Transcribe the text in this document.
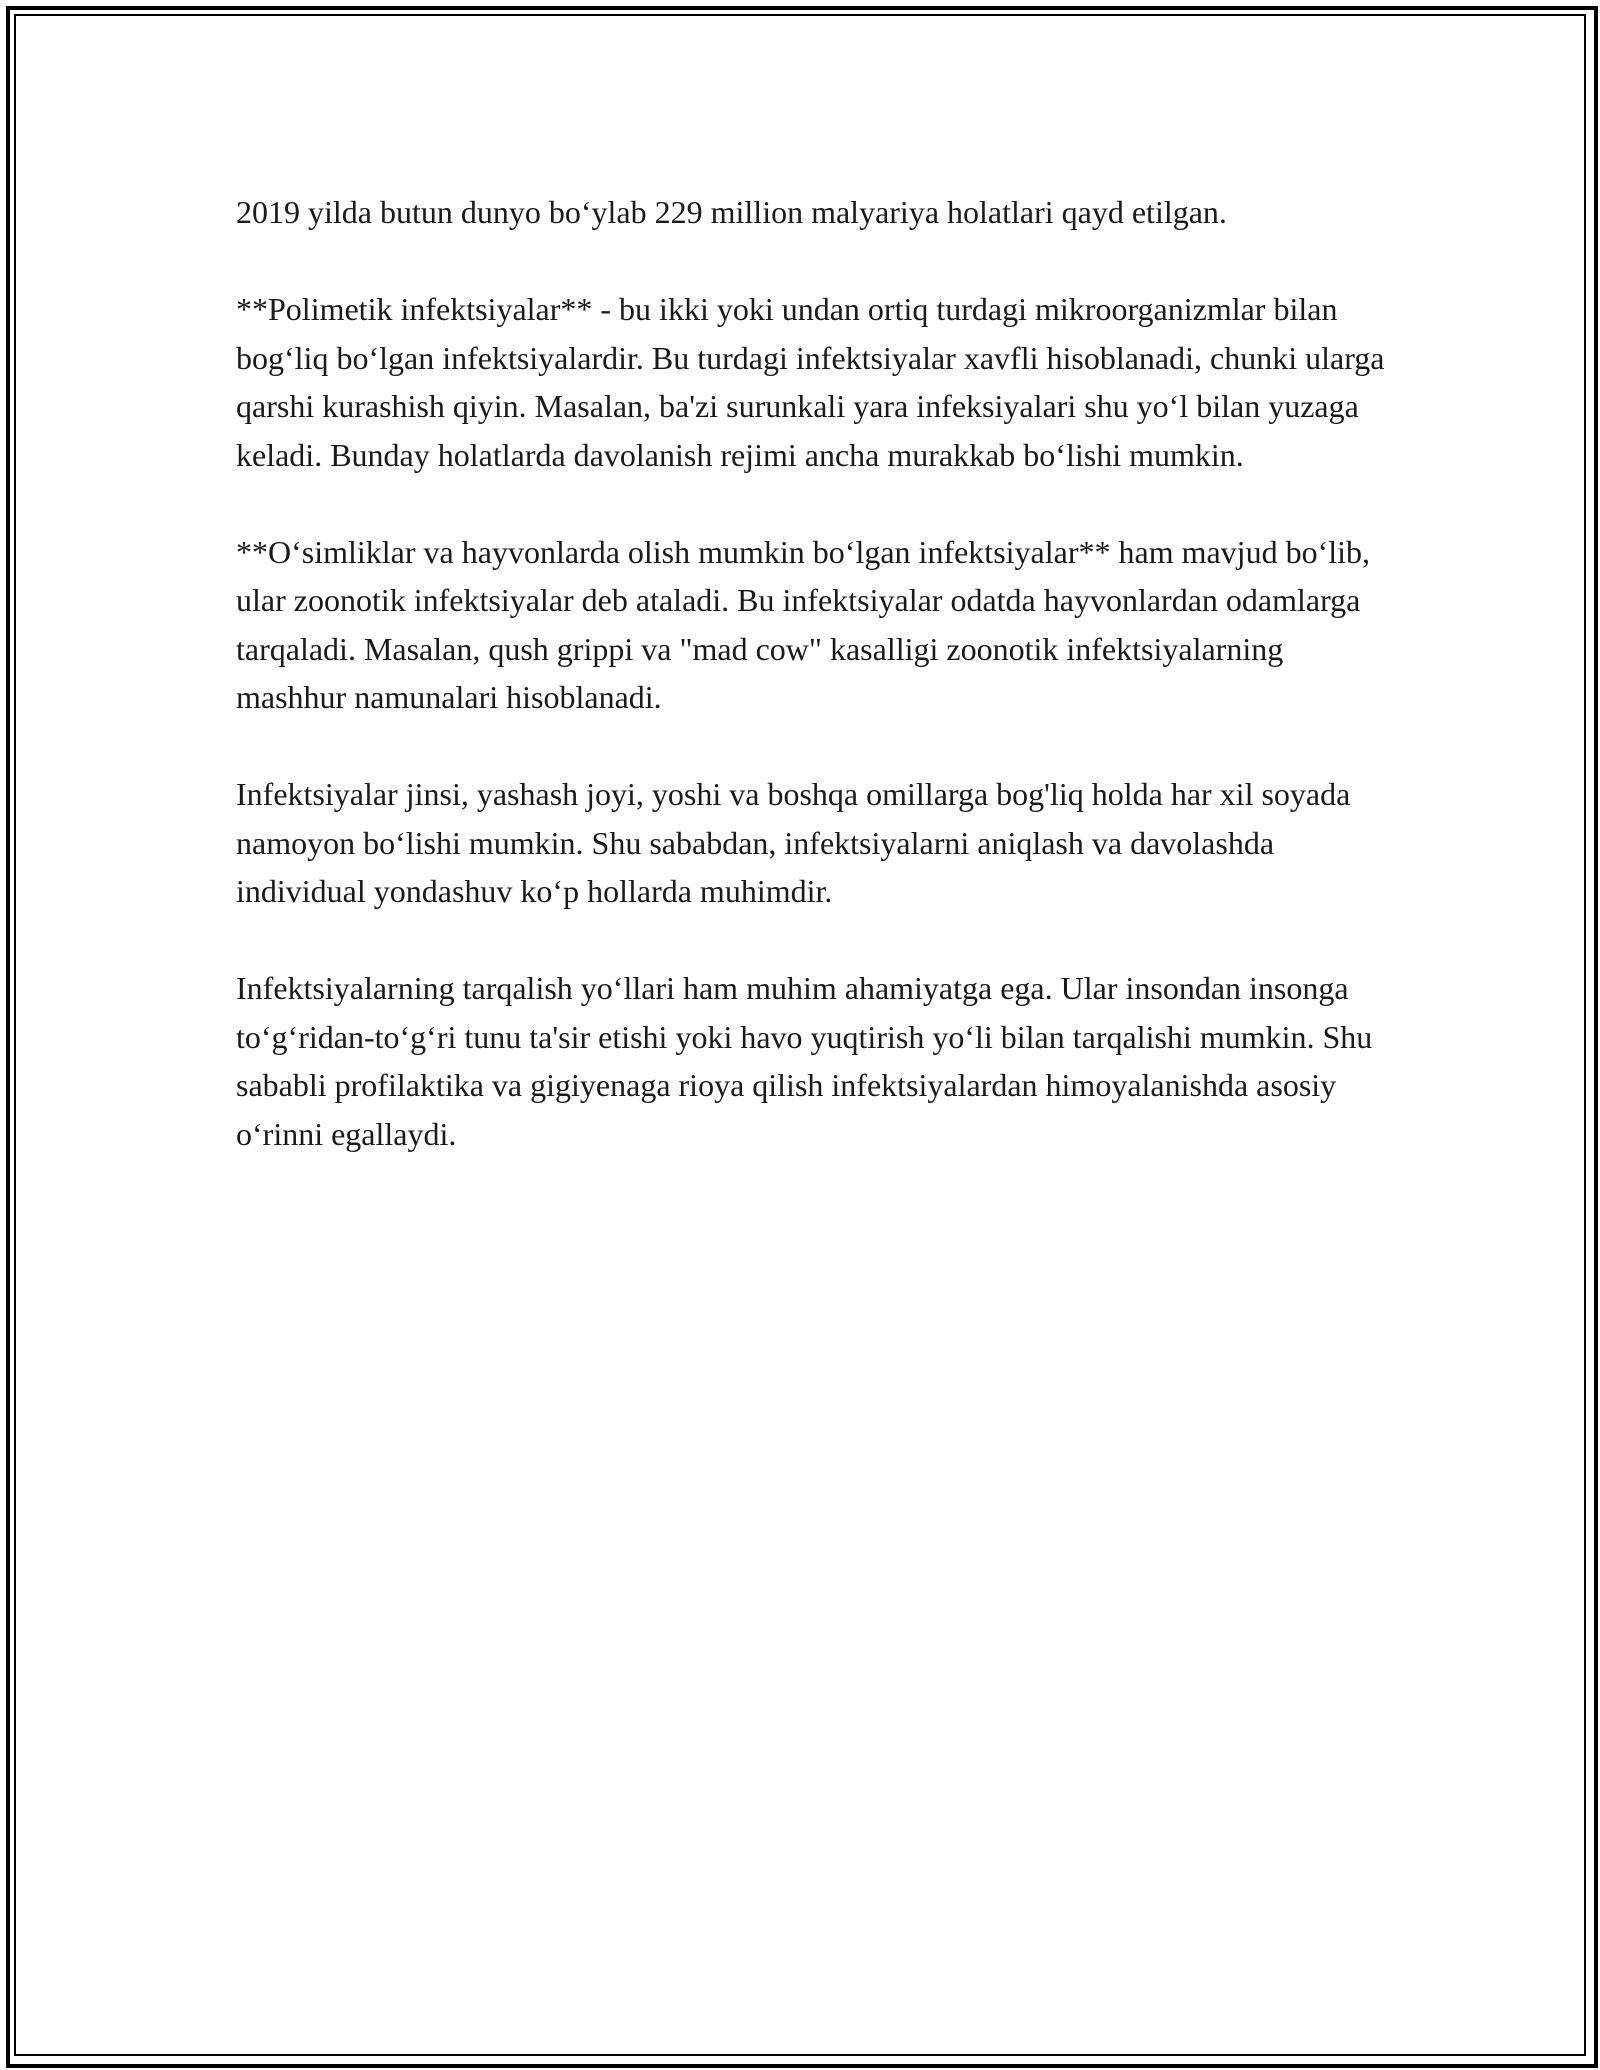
2019 yilda butun dunyo bo‘ylab 229 million malyariya holatlari qayd etilgan.

**Polimetik infektsiyalar** - bu ikki yoki undan ortiq turdagi mikroorganizmlar bilan bog‘liq bo‘lgan infektsiyalardir. Bu turdagi infektsiyalar xavfli hisoblanadi, chunki ularga qarshi kurashish qiyin. Masalan, ba'zi surunkali yara infeksiyalari shu yo‘l bilan yuzaga keladi. Bunday holatlarda davolanish rejimi ancha murakkab bo‘lishi mumkin.

**O‘simliklar va hayvonlarda olish mumkin bo‘lgan infektsiyalar** ham mavjud bo‘lib, ular zoonotik infektsiyalar deb ataladi. Bu infektsiyalar odatda hayvonlardan odamlarga tarqaladi. Masalan, qush grippi va "mad cow" kasalligi zoonotik infektsiyalarning mashhur namunalari hisoblanadi.

Infektsiyalar jinsi, yashash joyi, yoshi va boshqa omillarga bog'liq holda har xil soyada namoyon bo‘lishi mumkin. Shu sababdan, infektsiyalarni aniqlash va davolashda individual yondashuv ko‘p hollarda muhimdir.

Infektsiyalarning tarqalish yo‘llari ham muhim ahamiyatga ega. Ular insondan insonga to‘g‘ridan-to‘g‘ri tunu ta'sir etishi yoki havo yuqtirish yo‘li bilan tarqalishi mumkin. Shu sababli profilaktika va gigiyenaga rioya qilish infektsiyalardan himoyalanishda asosiy o‘rinni egallaydi.
